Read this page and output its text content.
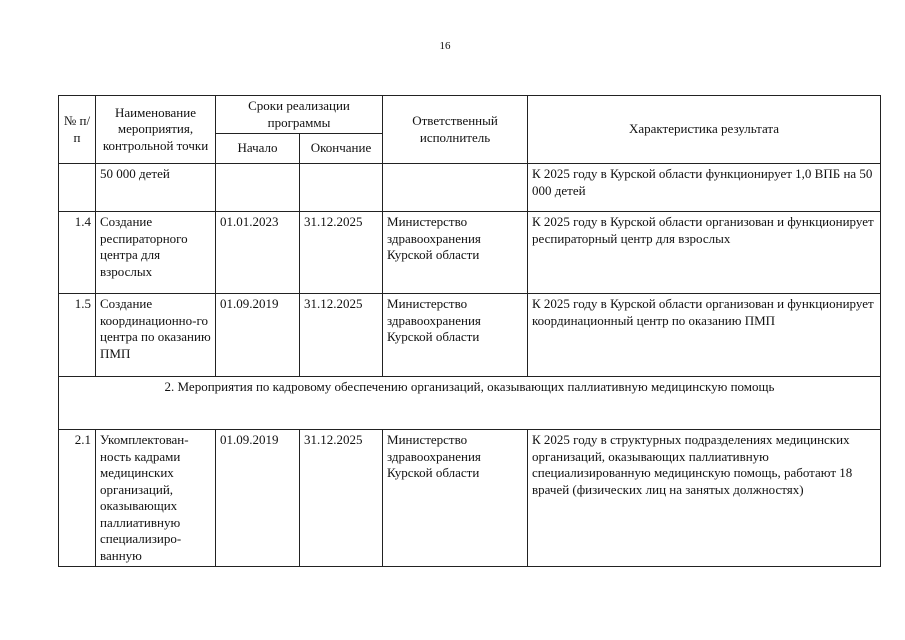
16
№ п/п	Наименование мероприятия, контрольной точки	Сроки реализации программы		Ответственный исполнитель	Характеристика результата
		Начало	Окончание		
	50 000 детей				К 2025 году в Курской области функционирует 1,0 ВПБ на 50 000 детей
1.4	Создание респираторного центра для взрослых	01.01.2023	31.12.2025	Министерство здравоохранения Курской области	К 2025 году в Курской области организован и функционирует респираторный центр для взрослых
1.5	Создание координационно-го центра по оказанию ПМП	01.09.2019	31.12.2025	Министерство здравоохранения Курской области	К 2025 году в Курской области организован и функционирует координационный центр по оказанию ПМП
2. Мероприятия по кадровому обеспечению организаций, оказывающих паллиативную медицинскую помощь					
2.1	Укомплектован-ность кадрами медицинских организаций, оказывающих паллиативную специализиро-ванную	01.09.2019	31.12.2025	Министерство здравоохранения Курской области	К 2025 году в структурных подразделениях медицинских организаций, оказывающих паллиативную специализированную медицинскую помощь, работают 18 врачей (физических лиц на занятых должностях)
